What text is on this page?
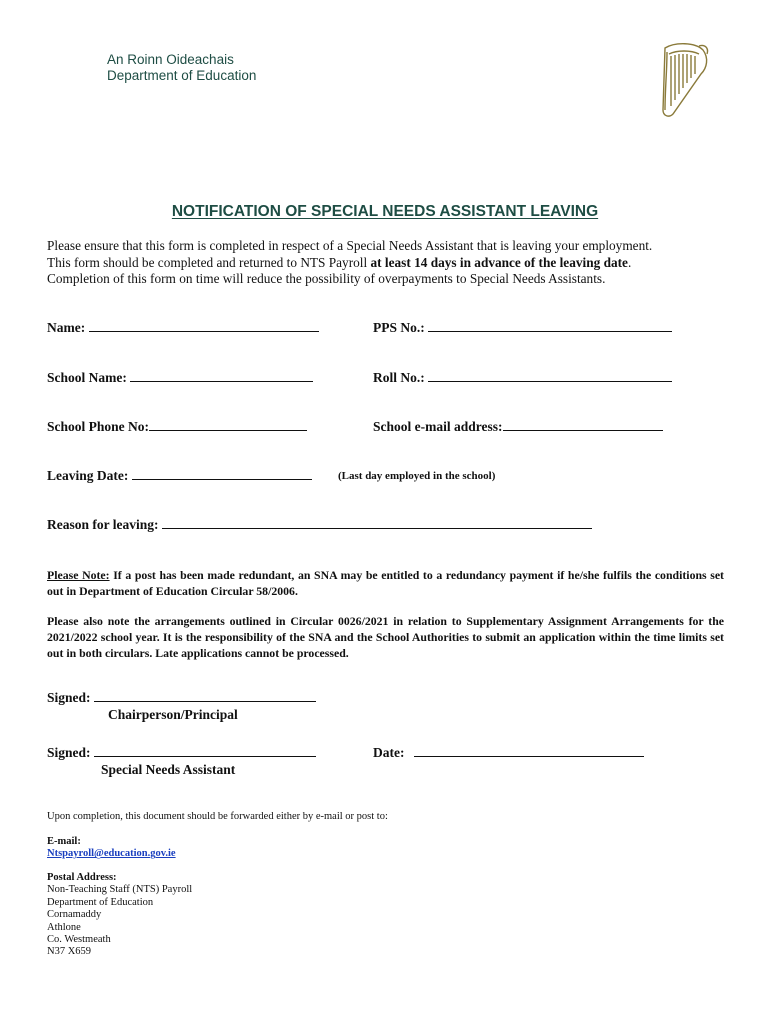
An Roinn Oideachais
Department of Education
NOTIFICATION OF SPECIAL NEEDS ASSISTANT LEAVING
Please ensure that this form is completed in respect of a Special Needs Assistant that is leaving your employment.
This form should be completed and returned to NTS Payroll at least 14 days in advance of the leaving date.
Completion of this form on time will reduce the possibility of overpayments to Special Needs Assistants.
Name:	PPS No.:
School Name:	Roll No.:
School Phone No:	School e-mail address:
Leaving Date:	(Last day employed in the school)
Reason for leaving:
Please Note: If a post has been made redundant, an SNA may be entitled to a redundancy payment if he/she fulfils the conditions set out in Department of Education Circular 58/2006.
Please also note the arrangements outlined in Circular 0026/2021 in relation to Supplementary Assignment Arrangements for the 2021/2022 school year. It is the responsibility of the SNA and the School Authorities to submit an application within the time limits set out in both circulars. Late applications cannot be processed.
Signed:
Chairperson/Principal
Signed:
Special Needs Assistant
Date:
Upon completion, this document should be forwarded either by e-mail or post to:
E-mail:
Ntspayroll@education.gov.ie
Postal Address:
Non-Teaching Staff (NTS) Payroll
Department of Education
Cornamaddy
Athlone
Co. Westmeath
N37 X659
